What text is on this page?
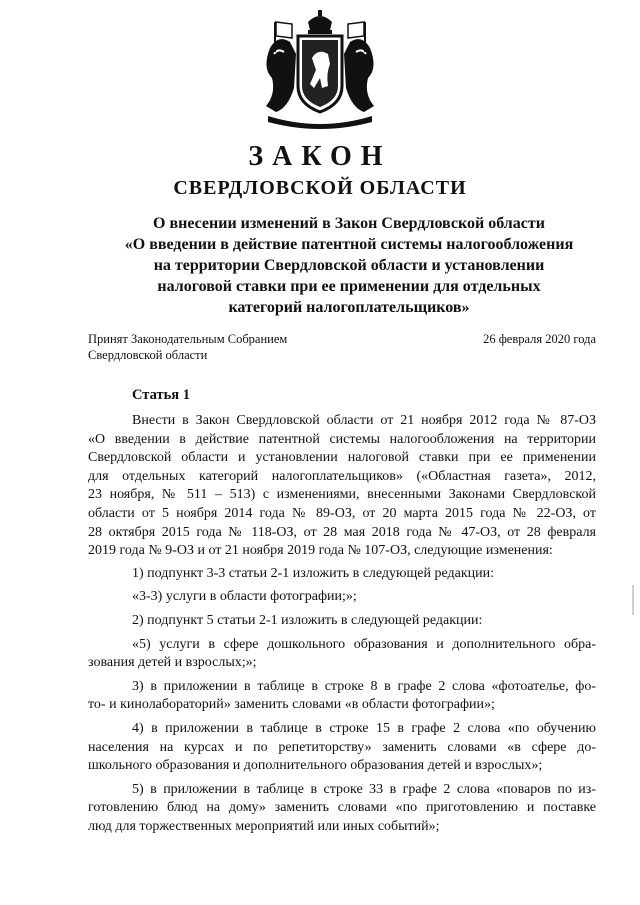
ЗАКОН
СВЕРДЛОВСКОЙ ОБЛАСТИ
О внесении изменений в Закон Свердловской области
«О введении в действие патентной системы налогообложения
на территории Свердловской области и установлении
налоговой ставки при ее применении для отдельных
категорий налогоплательщиков»
Принят Законодательным Собранием
Свердловской области
26 февраля 2020 года
Статья 1

Внести в Закон Свердловской области от 21 ноября 2012 года № 87-ОЗ
«О введении в действие патентной системы налогообложения на территории
Свердловской области и установлении налоговой ставки при ее применении
для отдельных категорий налогоплательщиков» («Областная газета», 2012,
23 ноября, № 511 – 513) с изменениями, внесенными Законами Свердловской
области от 5 ноября 2014 года № 89-ОЗ, от 20 марта 2015 года № 22-ОЗ, от
28 октября 2015 года № 118-ОЗ, от 28 мая 2018 года № 47-ОЗ, от 28 февраля
2019 года № 9-ОЗ и от 21 ноября 2019 года № 107-ОЗ, следующие изменения:

1) подпункт 3-3 статьи 2-1 изложить в следующей редакции:

«3-3) услуги в области фотографии;»;

2) подпункт 5 статьи 2-1 изложить в следующей редакции:

«5) услуги в сфере дошкольного образования и дополнительного обра-
зования детей и взрослых;»;

3) в приложении в таблице в строке 8 в графе 2 слова «фотоателье, фо-
то- и кинолабораторий» заменить словами «в области фотографии»;

4) в приложении в таблице в строке 15 в графе 2 слова «по обучению
населения на курсах и по репетиторству» заменить словами «в сфере до-
школьного образования и дополнительного образования детей и взрослых»;

5) в приложении в таблице в строке 33 в графе 2 слова «поваров по из-
готовлению блюд на дому» заменить словами «по приготовлению и поставке
люд для торжественных мероприятий или иных событий»;
